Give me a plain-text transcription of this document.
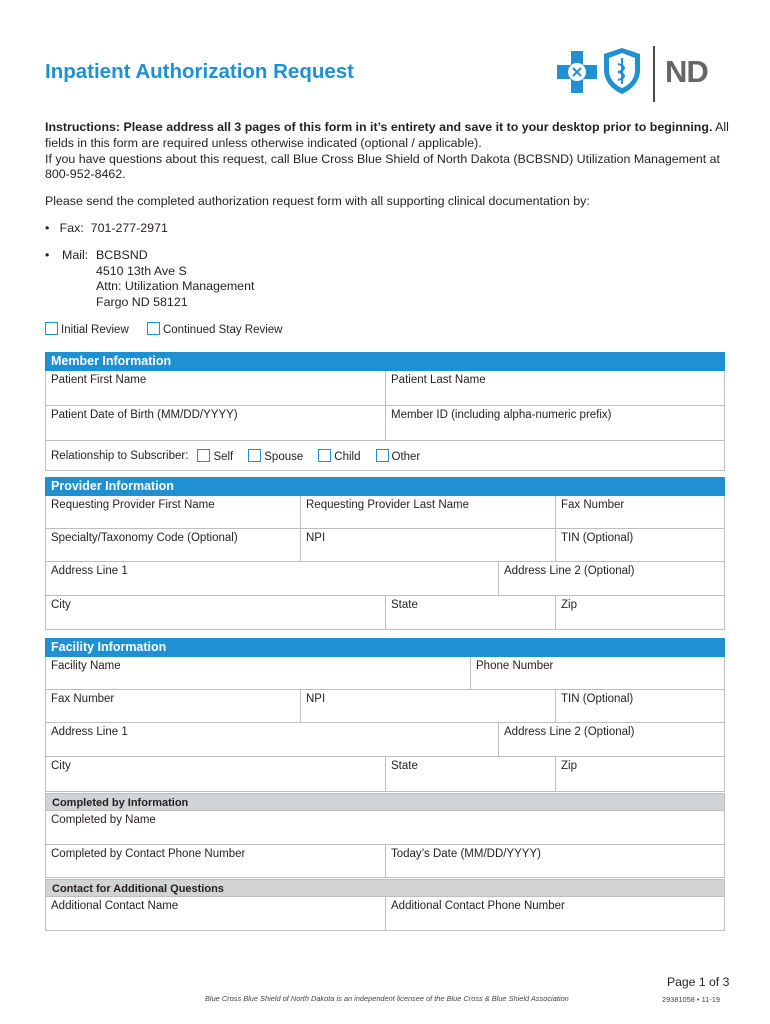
Inpatient Authorization Request	ND
Instructions: Please address all 3 pages of this form in it’s entirety and save it to your desktop prior to beginning. All fields in this form are required unless otherwise indicated (optional / applicable).
If you have questions about this request, call Blue Cross Blue Shield of North Dakota (BCBSND) Utilization Management at 800-952-8462.
Please send the completed authorization request form with all supporting clinical documentation by:
• Fax: 701-277-2971
• Mail: BCBSND
4510 13th Ave S
Attn: Utilization Management
Fargo ND 58121
Initial Review	Continued Stay Review
Member Information
Patient First Name	Patient Last Name
Patient Date of Birth (MM/DD/YYYY)	Member ID (including alpha-numeric prefix)
Relationship to Subscriber:	Self	Spouse	Child	Other
Provider Information
Requesting Provider First Name	Requesting Provider Last Name	Fax Number
Specialty/Taxonomy Code (Optional)	NPI	TIN (Optional)
Address Line 1	Address Line 2 (Optional)
City	State	Zip
Facility Information
Facility Name	Phone Number
Fax Number	NPI	TIN (Optional)
Address Line 1	Address Line 2 (Optional)
City	State	Zip
Completed by Information
Completed by Name
Completed by Contact Phone Number	Today’s Date (MM/DD/YYYY)
Contact for Additional Questions
Additional Contact Name	Additional Contact Phone Number
Page 1 of 3
Blue Cross Blue Shield of North Dakota is an independent licensee of the Blue Cross & Blue Shield Association	29381058 • 11-19
